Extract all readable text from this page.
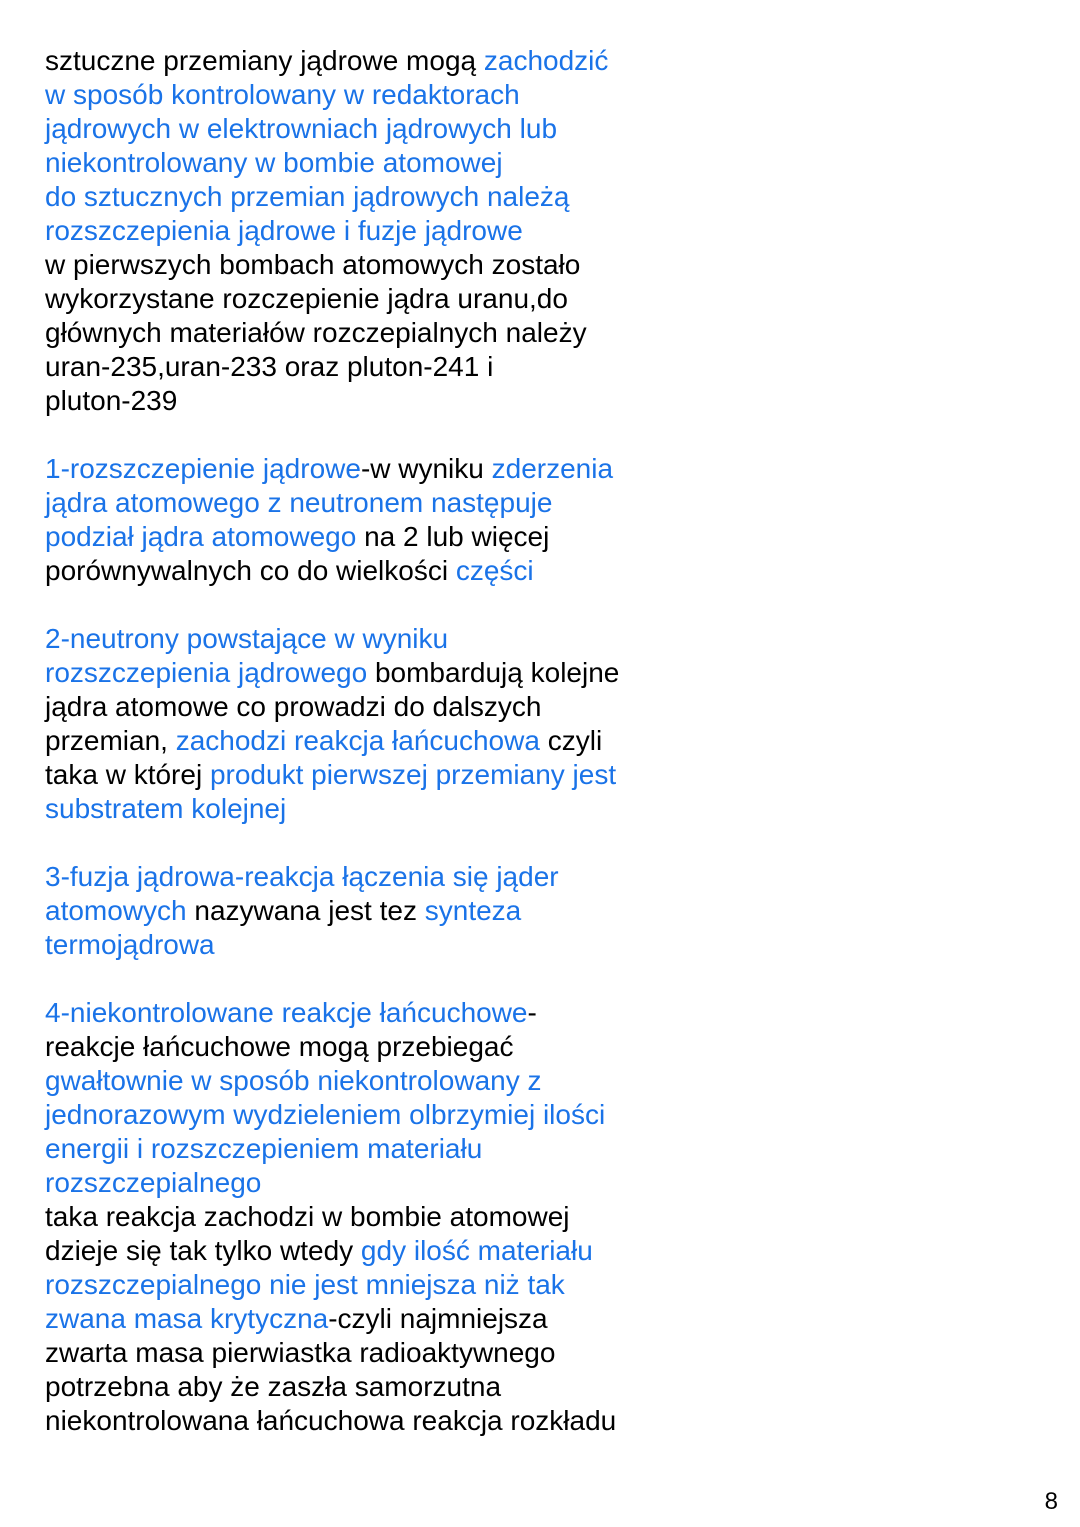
sztuczne przemiany jądrowe mogą zachodzić
w sposób kontrolowany w redaktorach
jądrowych w elektrowniach jądrowych lub
niekontrolowany w bombie atomowej
do sztucznych przemian jądrowych należą
rozszczepienia jądrowe i fuzje jądrowe
w pierwszych bombach atomowych zostało
wykorzystane rozczepienie jądra uranu,do
głównych materiałów rozczepialnych należy
uran-235,uran-233 oraz pluton-241 i
pluton-239
1-rozszczepienie jądrowe-w wyniku zderzenia
jądra atomowego z neutronem następuje
podział jądra atomowego na 2 lub więcej
porównywalnych co do wielkości części
2-neutrony powstające w wyniku
rozszczepienia jądrowego bombardują kolejne
jądra atomowe co prowadzi do dalszych
przemian, zachodzi reakcja łańcuchowa czyli
taka w której produkt pierwszej przemiany jest
substratem kolejnej
3-fuzja jądrowa-reakcja łączenia się jąder
atomowych nazywana jest tez synteza
termojądrowa
4-niekontrolowane reakcje łańcuchowe-
reakcje łańcuchowe mogą przebiegać
gwałtownie w sposób niekontrolowany z
jednorazowym wydzieleniem olbrzymiej ilości
energii i rozszczepieniem materiału
rozszczepialnego
taka reakcja zachodzi w bombie atomowej
dzieje się tak tylko wtedy gdy ilość materiału
rozszczepialnego nie jest mniejsza niż tak
zwana masa krytyczna-czyli najmniejsza
zwarta masa pierwiastka radioaktywnego
potrzebna aby że zaszła samorzutna
niekontrolowana łańcuchowa reakcja rozkładu
8
